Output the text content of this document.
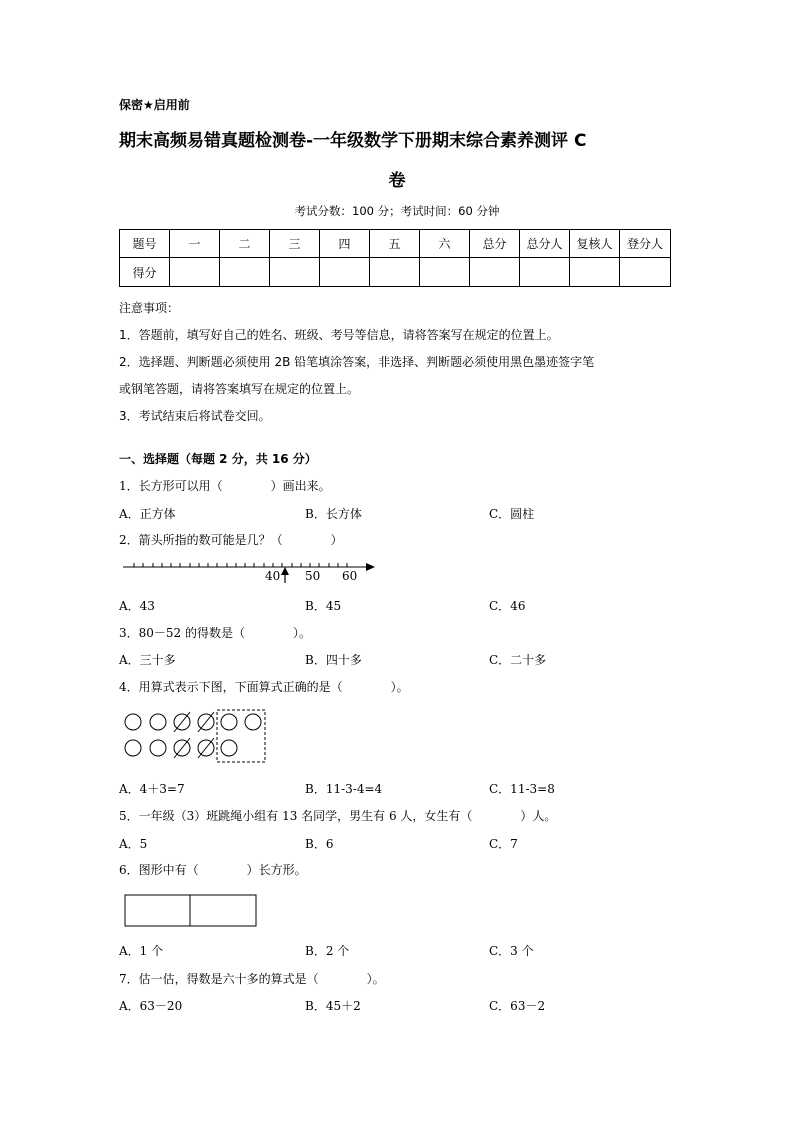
保密★启用前
期末高频易错真题检测卷-一年级数学下册期末综合素养测评 C
卷
考试分数：100 分；考试时间：60 分钟
题号	一	二	三	四	五	六	总分	总分人	复核人	登分人
得分										
注意事项：
1．答题前，填写好自己的姓名、班级、考号等信息，请将答案写在规定的位置上。
2．选择题、判断题必须使用 2B 铅笔填涂答案，非选择、判断题必须使用黑色墨迹签字笔
或钢笔答题，请将答案填写在规定的位置上。
3．考试结束后将试卷交回。
一、选择题（每题 2 分，共 16 分）
1．长方形可以用（　　　　）画出来。
A．正方体	B．长方体	C．圆柱
2．箭头所指的数可能是几？（　　　　）
40 50 60
A．43	B．45	C．46
3．80－52 的得数是（　　　　）。
A．三十多	B．四十多	C．二十多
4．用算式表示下图，下面算式正确的是（　　　　）。
A．4＋3=7	B．11-3-4=4	C．11-3=8
5．一年级（3）班跳绳小组有 13 名同学，男生有 6 人，女生有（　　　　）人。
A．5	B．6	C．7
6．图形中有（　　　　）长方形。
A．1 个	B．2 个	C．3 个
7．估一估，得数是六十多的算式是（　　　　）。
A．63－20	B．45＋2	C．63－2
